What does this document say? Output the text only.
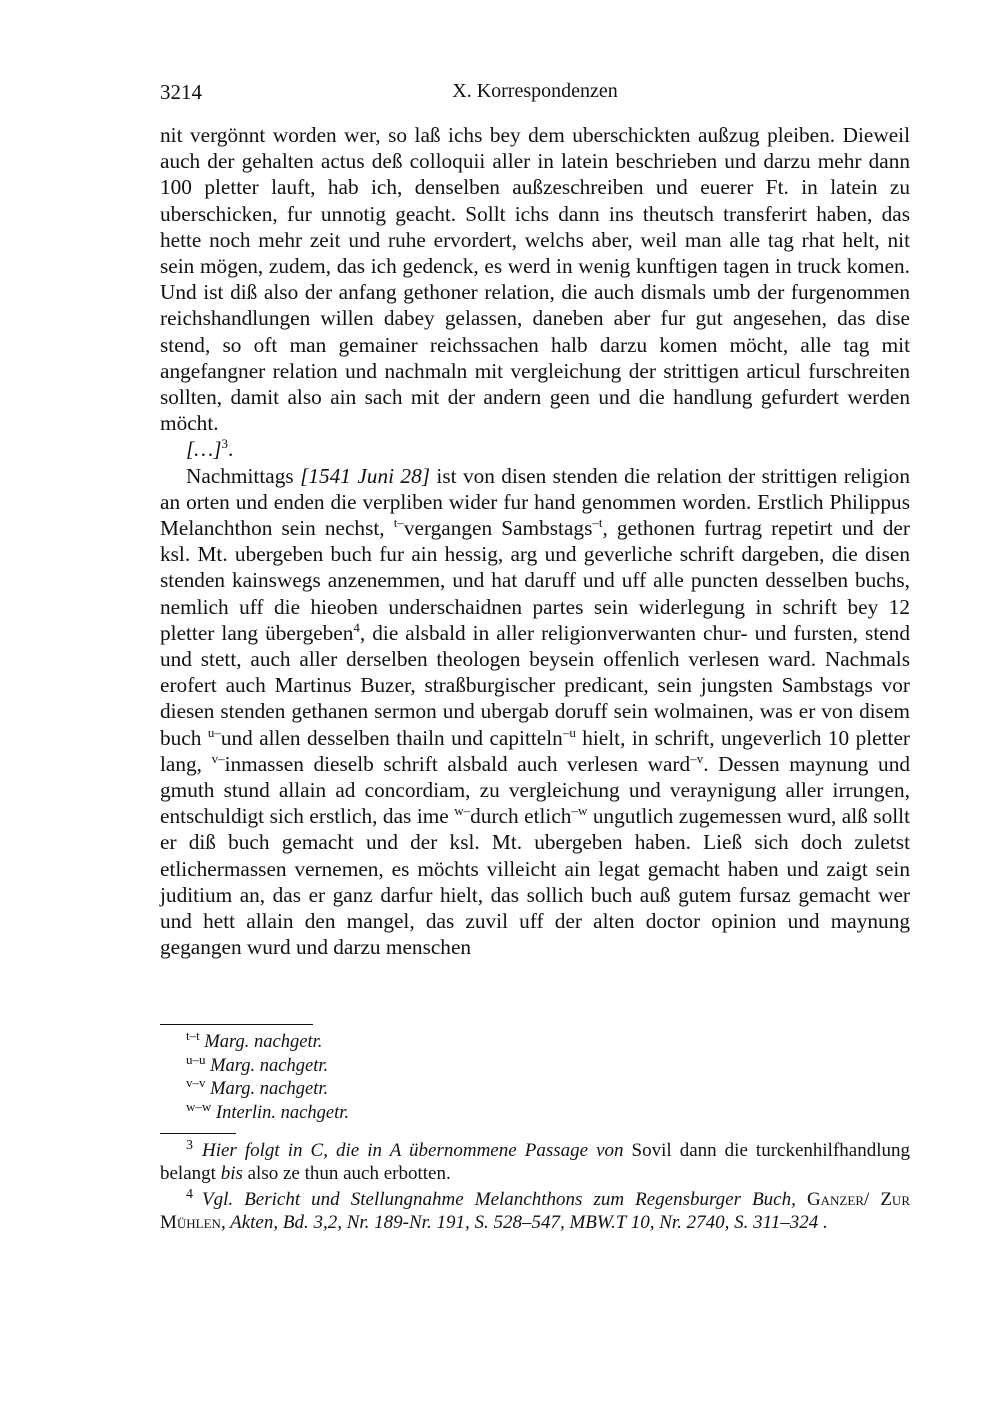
3214	X. Korrespondenzen

nit vergönnt worden wer, so laß ichs bey dem uberschickten außzug pleiben. Dieweil auch der gehalten actus deß colloquii aller in latein beschrieben und darzu mehr dann 100 pletter lauft, hab ich, denselben außzeschreiben und euerer Ft. in latein zu uberschicken, fur unnotig geacht. Sollt ichs dann ins theutsch transferirt haben, das hette noch mehr zeit und ruhe ervordert, welchs aber, weil man alle tag rhat helt, nit sein mögen, zudem, das ich gedenck, es werd in wenig kunftigen tagen in truck komen. Und ist diß also der anfang gethoner relation, die auch dismals umb der furgenommen reichshandlungen willen dabey gelassen, daneben aber fur gut angesehen, das dise stend, so oft man gemainer reichssachen halb darzu komen möcht, alle tag mit angefangner relation und nachmaln mit vergleichung der strittigen articul furschreiten sollten, damit also ain sach mit der andern geen und die handlung gefurdert werden möcht.

[…]$^3$.

Nachmittags [1541 Juni 28] ist von disen stenden die relation der strittigen religion an orten und enden die verpliben wider fur hand genommen worden. Erstlich Philippus Melanchthon sein nechst, $^{t-}$vergangen Sambstags$^{-t}$, gethonen furtrag repetirt und der ksl. Mt. ubergeben buch fur ain hessig, arg und geverliche schrift dargeben, die disen stenden kainswegs anzenemmen, und hat daruff und uff alle puncten desselben buchs, nemlich uff die hieoben underschaidnen partes sein widerlegung in schrift bey 12 pletter lang übergeben$^4$, die alsbald in aller religionverwanten chur- und fursten, stend und stett, auch aller derselben theologen beysein offenlich verlesen ward. Nachmals erofert auch Martinus Buzer, straßburgischer predicant, sein jungsten Sambstags vor diesen stenden gethanen sermon und ubergab doruff sein wolmainen, was er von disem buch $^{u-}$und allen desselben thailn und capitteln$^{-u}$ hielt, in schrift, ungeverlich 10 pletter lang, $^{v-}$inmassen dieselb schrift alsbald auch verlesen ward$^{-v}$. Dessen maynung und gmuth stund allain ad concordiam, zu vergleichung und veraynigung aller irrungen, entschuldigt sich erstlich, das ime $^{w-}$durch etlich$^{-w}$ ungutlich zugemessen wurd, alß sollt er diß buch gemacht und der ksl. Mt. ubergeben haben. Ließ sich doch zuletst etlichermassen vernemen, es möchts villeicht ain legat gemacht haben und zaigt sein juditium an, das er ganz darfur hielt, das sollich buch auß gutem fursaz gemacht wer und hett allain den mangel, das zuvil uff der alten doctor opinion und maynung gegangen wurd und darzu menschen

$^{t-t}$ Marg. nachgetr.
$^{u-u}$ Marg. nachgetr.
$^{v-v}$ Marg. nachgetr.
$^{w-w}$ Interlin. nachgetr.

$^3$ Hier folgt in C, die in A übernommene Passage von Sovil dann die turckenhilfhandlung belangt bis also ze thun auch erbotten.

$^4$ Vgl. Bericht und Stellungnahme Melanchthons zum Regensburger Buch, Ganzer/ Zur Mühlen, Akten, Bd. 3,2, Nr. 189-Nr. 191, S. 528–547, MBW.T 10, Nr. 2740, S. 311–324 .
